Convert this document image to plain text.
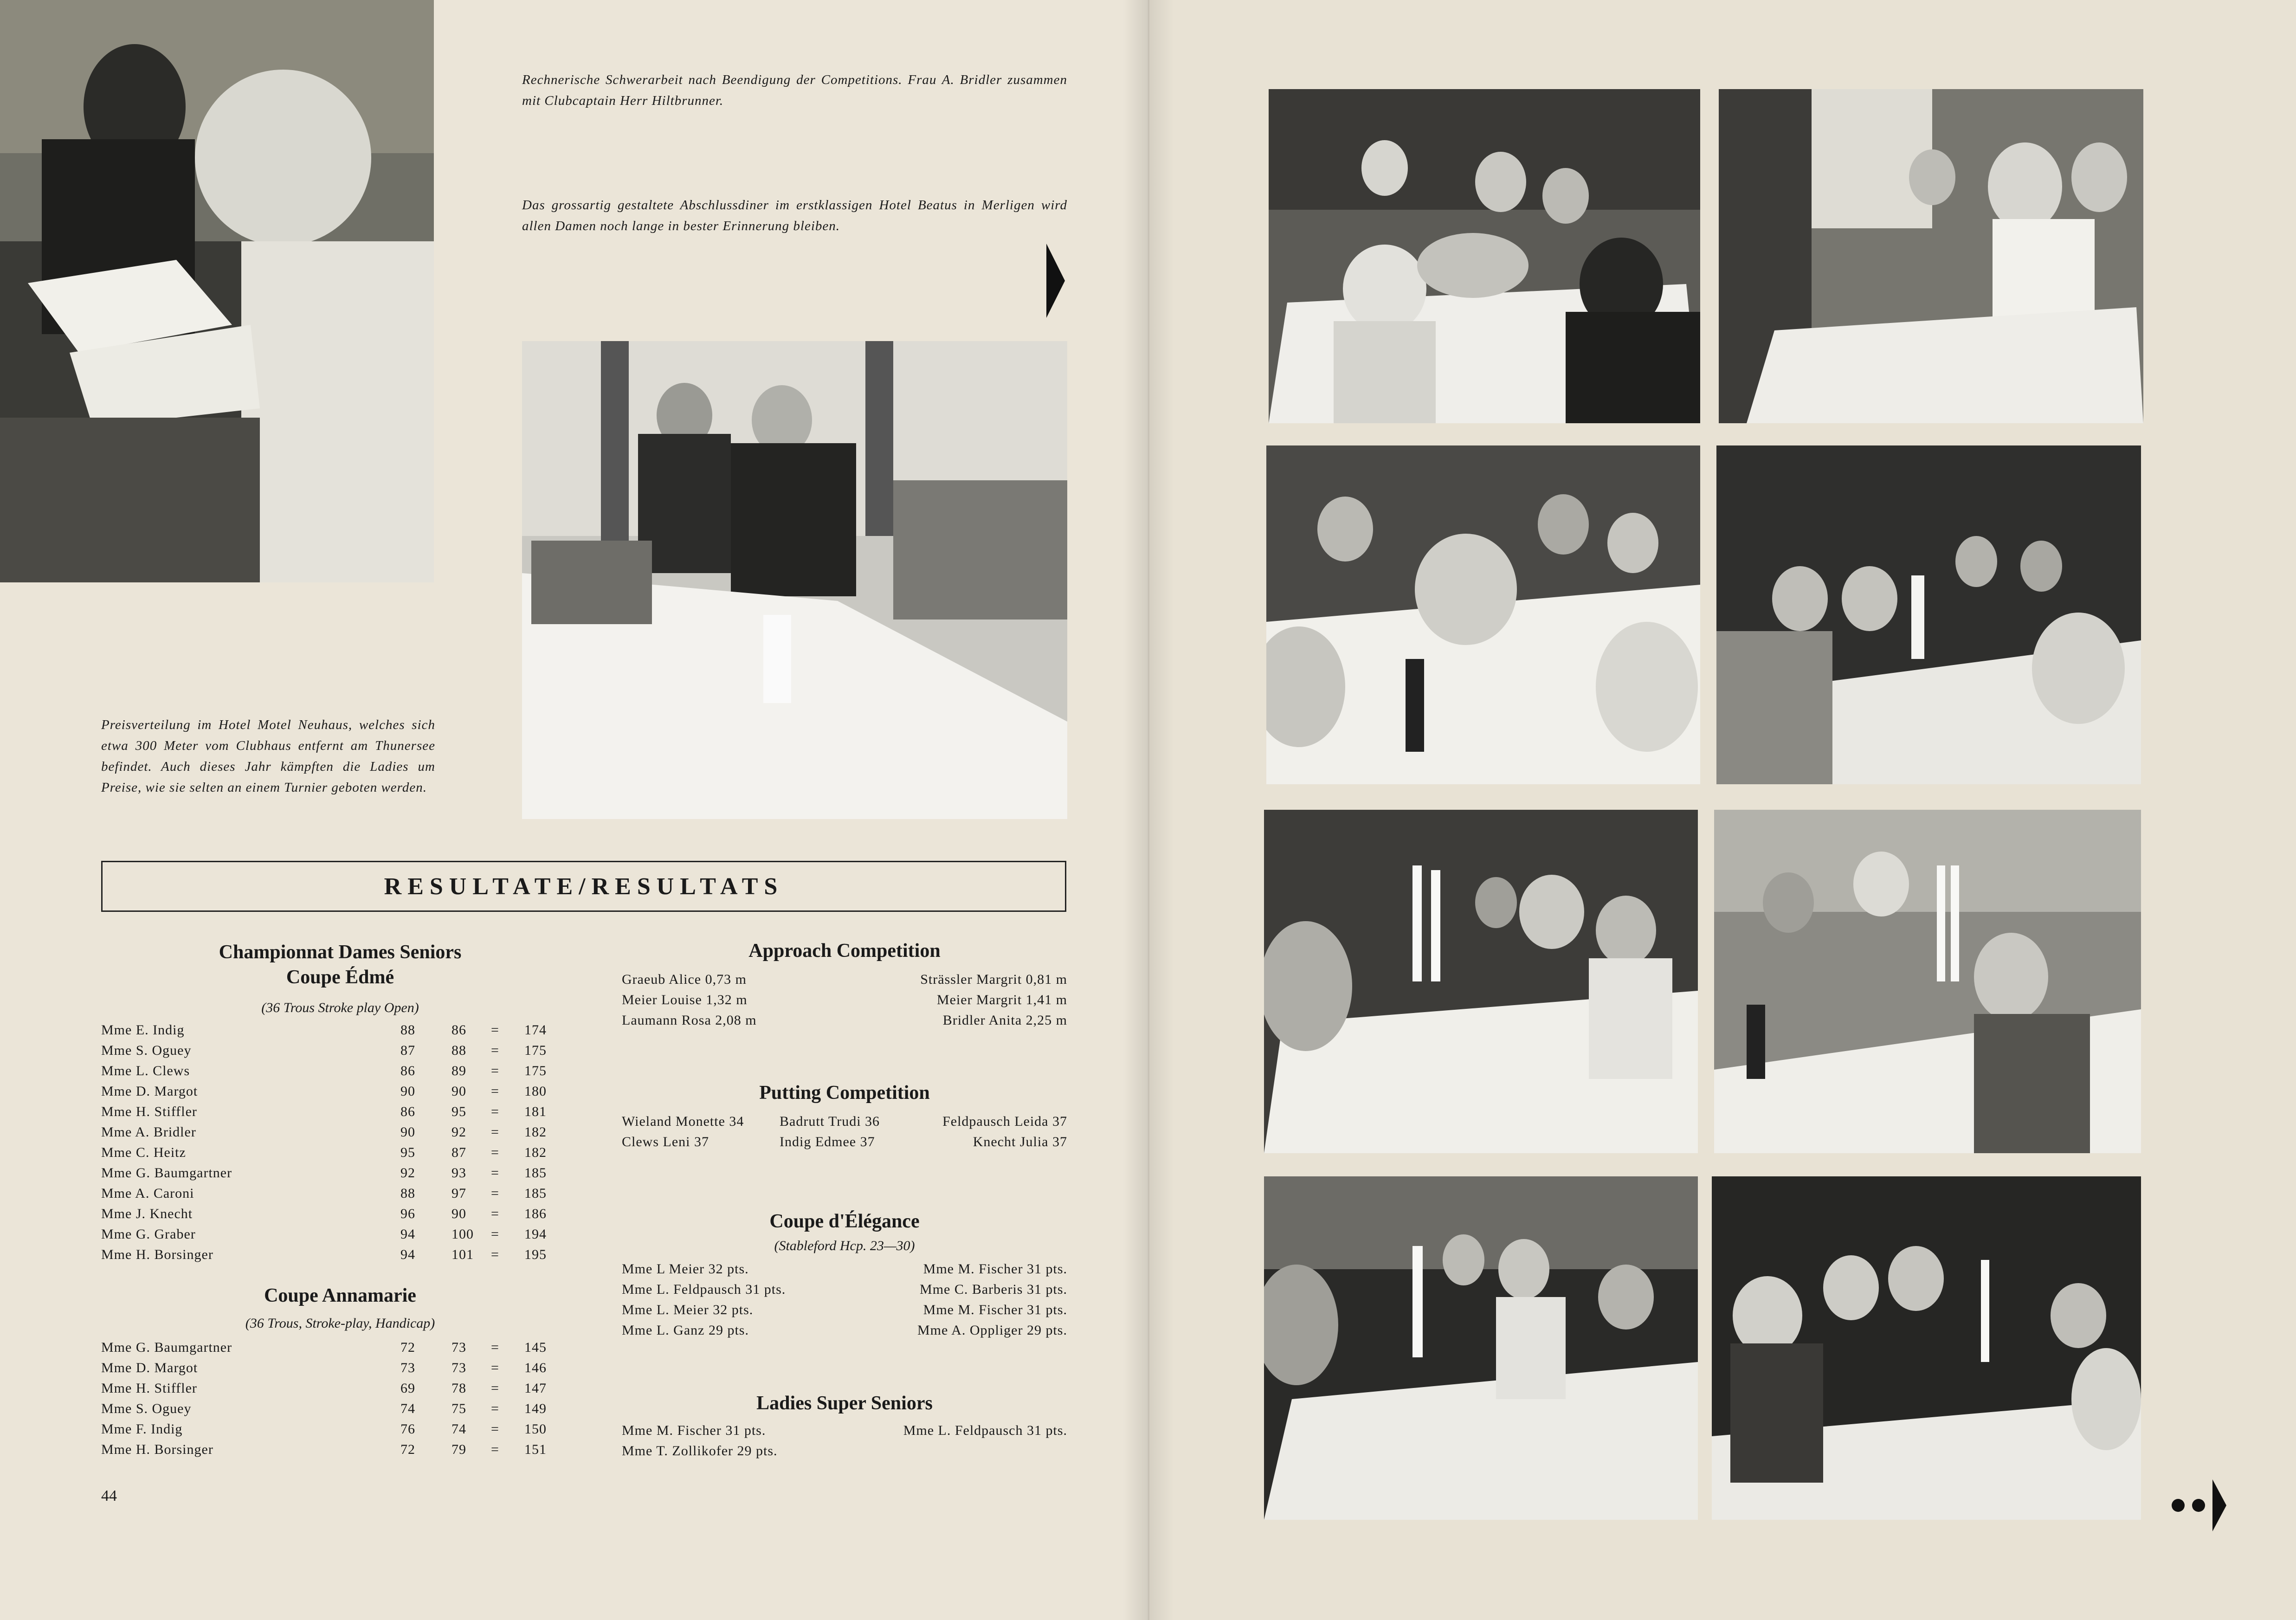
Rechnerische Schwerarbeit nach Beendigung der Competitions. Frau A. Bridler zusammen mit Clubcaptain Herr Hiltbrunner.
Das grossartig gestaltete Abschlussdiner im erstklassigen Hotel Beatus in Merligen wird allen Damen noch lange in bester Erinnerung bleiben.
Preisverteilung im Hotel Motel Neuhaus, welches sich etwa 300 Meter vom Clubhaus entfernt am Thunersee befindet. Auch dieses Jahr kämpften die Ladies um Preise, wie sie selten an einem Turnier geboten werden.
RESULTATE/RESULTATS
Championnat Dames Seniors
Coupe Édmé
(36 Trous Stroke play Open)
Mme E. Indig	88	86 = 174
Mme S. Oguey	87	88 = 175
Mme L. Clews	86	89 = 175
Mme D. Margot	90	90 = 180
Mme H. Stiffler	86	95 = 181
Mme A. Bridler	90	92 = 182
Mme C. Heitz	95	87 = 182
Mme G. Baumgartner	92	93 = 185
Mme A. Caroni	88	97 = 185
Mme J. Knecht	96	90 = 186
Mme G. Graber	94	100 = 194
Mme H. Borsinger	94	101 = 195
Coupe Annamarie
(36 Trous, Stroke-play, Handicap)
Mme G. Baumgartner	72	73 = 145
Mme D. Margot	73	73 = 146
Mme H. Stiffler	69	78 = 147
Mme S. Oguey	74	75 = 149
Mme F. Indig	76	74 = 150
Mme H. Borsinger	72	79 = 151
Approach Competition
Graeub Alice 0,73 m	Strässler Margrit 0,81 m
Meier Louise 1,32 m	Meier Margrit 1,41 m
Laumann Rosa 2,08 m	Bridler Anita 2,25 m
Putting Competition
Wieland Monette 34	Badrutt Trudi 36	Feldpausch Leida 37
Clews Leni 37	Indig Edmee 37	Knecht Julia 37
Coupe d'Élégance
(Stableford Hcp. 23—30)
Mme L Meier 32 pts.	Mme M. Fischer 31 pts.
Mme L. Feldpausch 31 pts.	Mme C. Barberis 31 pts.
Mme L. Meier 32 pts.	Mme M. Fischer 31 pts.
Mme L. Ganz 29 pts.	Mme A. Oppliger 29 pts.
Ladies Super Seniors
Mme M. Fischer 31 pts.	Mme L. Feldpausch 31 pts.
Mme T. Zollikofer 29 pts.
44
